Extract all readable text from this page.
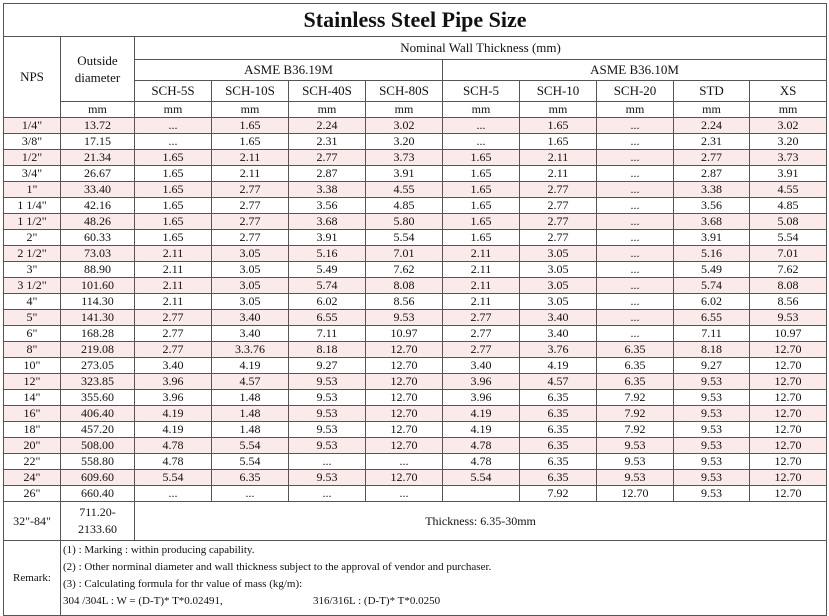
Stainless Steel Pipe Size										
NPS	Outside diameter	Nominal Wall Thickness (mm)								
		ASME B36.19M				ASME B36.10M				
		SCH-5S	SCH-10S	SCH-40S	SCH-80S	SCH-5	SCH-10	SCH-20	STD	XS
	mm	mm	mm	mm	mm	mm	mm	mm	mm	mm
1/4"	13.72	...	1.65	2.24	3.02	...	1.65	...	2.24	3.02
3/8"	17.15	...	1.65	2.31	3.20	...	1.65	...	2.31	3.20
1/2"	21.34	1.65	2.11	2.77	3.73	1.65	2.11	...	2.77	3.73
3/4"	26.67	1.65	2.11	2.87	3.91	1.65	2.11	...	2.87	3.91
1"	33.40	1.65	2.77	3.38	4.55	1.65	2.77	...	3.38	4.55
1 1/4"	42.16	1.65	2.77	3.56	4.85	1.65	2.77	...	3.56	4.85
1 1/2"	48.26	1.65	2.77	3.68	5.80	1.65	2.77	...	3.68	5.08
2"	60.33	1.65	2.77	3.91	5.54	1.65	2.77	...	3.91	5.54
2 1/2"	73.03	2.11	3.05	5.16	7.01	2.11	3.05	...	5.16	7.01
3"	88.90	2.11	3.05	5.49	7.62	2.11	3.05	...	5.49	7.62
3 1/2"	101.60	2.11	3.05	5.74	8.08	2.11	3.05	...	5.74	8.08
4"	114.30	2.11	3.05	6.02	8.56	2.11	3.05	...	6.02	8.56
5"	141.30	2.77	3.40	6.55	9.53	2.77	3.40	...	6.55	9.53
6"	168.28	2.77	3.40	7.11	10.97	2.77	3.40	...	7.11	10.97
8"	219.08	2.77	3.3.76	8.18	12.70	2.77	3.76	6.35	8.18	12.70
10"	273.05	3.40	4.19	9.27	12.70	3.40	4.19	6.35	9.27	12.70
12"	323.85	3.96	4.57	9.53	12.70	3.96	4.57	6.35	9.53	12.70
14"	355.60	3.96	1.48	9.53	12.70	3.96	6.35	7.92	9.53	12.70
16"	406.40	4.19	1.48	9.53	12.70	4.19	6.35	7.92	9.53	12.70
18"	457.20	4.19	1.48	9.53	12.70	4.19	6.35	7.92	9.53	12.70
20"	508.00	4.78	5.54	9.53	12.70	4.78	6.35	9.53	9.53	12.70
22"	558.80	4.78	5.54	...	...	4.78	6.35	9.53	9.53	12.70
24"	609.60	5.54	6.35	9.53	12.70	5.54	6.35	9.53	9.53	12.70
26"	660.40	...	...	...	...		7.92	12.70	9.53	12.70
32"-84"	711.20-2133.60	Thickness: 6.35-30mm								
Remark:	(1) : Marking : within producing capability.
(2) : Other norminal diameter and wall thickness subject to the approval of vendor and purchaser.
(3) : Calculating formula for thr value of mass (kg/m):
304 /304L : W = (D-T)* T*0.02491, 316/316L : (D-T)* T*0.0250									
